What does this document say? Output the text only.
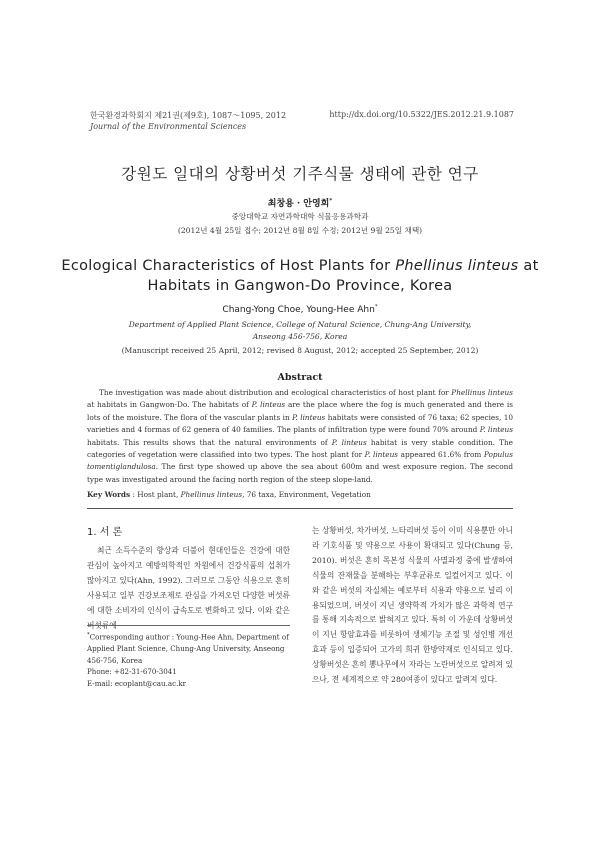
한국환경과학회지 제21권(제9호), 1087～1095, 2012
Journal of the Environmental Sciences
http://dx.doi.org/10.5322/JES.2012.21.9.1087
강원도 일대의 상황버섯 기주식물 생태에 관한 연구
최창용 · 안영희*
중앙대학교 자연과학대학 식물응용과학과
(2012년 4월 25일 접수; 2012년 8월 8일 수정; 2012년 9월 25일 채택)
Ecological Characteristics of Host Plants for Phellinus linteus at Habitats in Gangwon-Do Province, Korea
Chang-Yong Choe, Young-Hee Ahn*
Department of Applied Plant Science, College of Natural Science, Chung-Ang University,
Anseong 456-756, Korea
(Manuscript received 25 April, 2012; revised 8 August, 2012; accepted 25 September, 2012)
Abstract

The investigation was made about distribution and ecological characteristics of host plant for Phellinus linteus at habitats in Gangwon-Do. The habitats of P. linteus are the place where the fog is much generated and there is lots of the moisture. The flora of the vascular plants in P. linteus habitats were consisted of 76 taxa; 62 species, 10 varieties and 4 formas of 62 genera of 40 families. The plants of infiltration type were found 70% around P. linteus habitats. This results shows that the natural environments of P. linteus habitat is very stable condition. The categories of vegetation were classified into two types. The host plant for P. linteus appeared 61.6% from Populus tomentiglandulosa. The first type showed up above the sea about 600m and west exposure region. The second type was investigated around the facing north region of the steep slope-land.

Key Words : Host plant, Phellinus linteus, 76 taxa, Environment, Vegetation
1. 서 론

최근 소득수준의 향상과 더불어 현대인들은 건강에 대한 관심이 높아지고 예방의학적인 차원에서 건강식품의 섭취가 많아지고 있다(Ahn, 1992). 그러므로 그동안 식용으로 흔히 사용되고 일부 건강보조제로 관심을 가져오던 다양한 버섯류에 대한 소비자의 인식이 급속도로 변화하고 있다. 이와 같은 버섯류에

*Corresponding author : Young-Hee Ahn, Department of Applied Plant Science, Chung-Ang University, Anseong 456-756, Korea

Phone: +82-31-670-3041

E-mail: ecoplant@cau.ac.kr

는 상황버섯, 차가버섯, 느타리버섯 등이 이미 식용뿐만 아니라 기호식품 및 약용으로 사용이 확대되고 있다(Chung 등, 2010). 버섯은 흔히 목본성 식물의 사멸과정 중에 발생하여 식물의 잔재물을 분해하는 부후균류로 일컬어지고 있다. 이와 같은 버섯의 자실체는 예로부터 식용과 약용으로 널리 이용되었으며, 버섯이 지닌 생약학적 가치가 많은 과학적 연구를 통해 지속적으로 밝혀지고 있다. 특히 이 가운데 상황버섯이 지닌 항암효과를 비롯하여 생체기능 조절 및 성인병 개선효과 등이 입증되어 고가의 희귀 한방약재로 인식되고 있다. 상황버섯은 흔히 뽕나무에서 자라는 노란버섯으로 알려져 있으나, 전 세계적으로 약 280여종이 있다고 알려져 있다.
